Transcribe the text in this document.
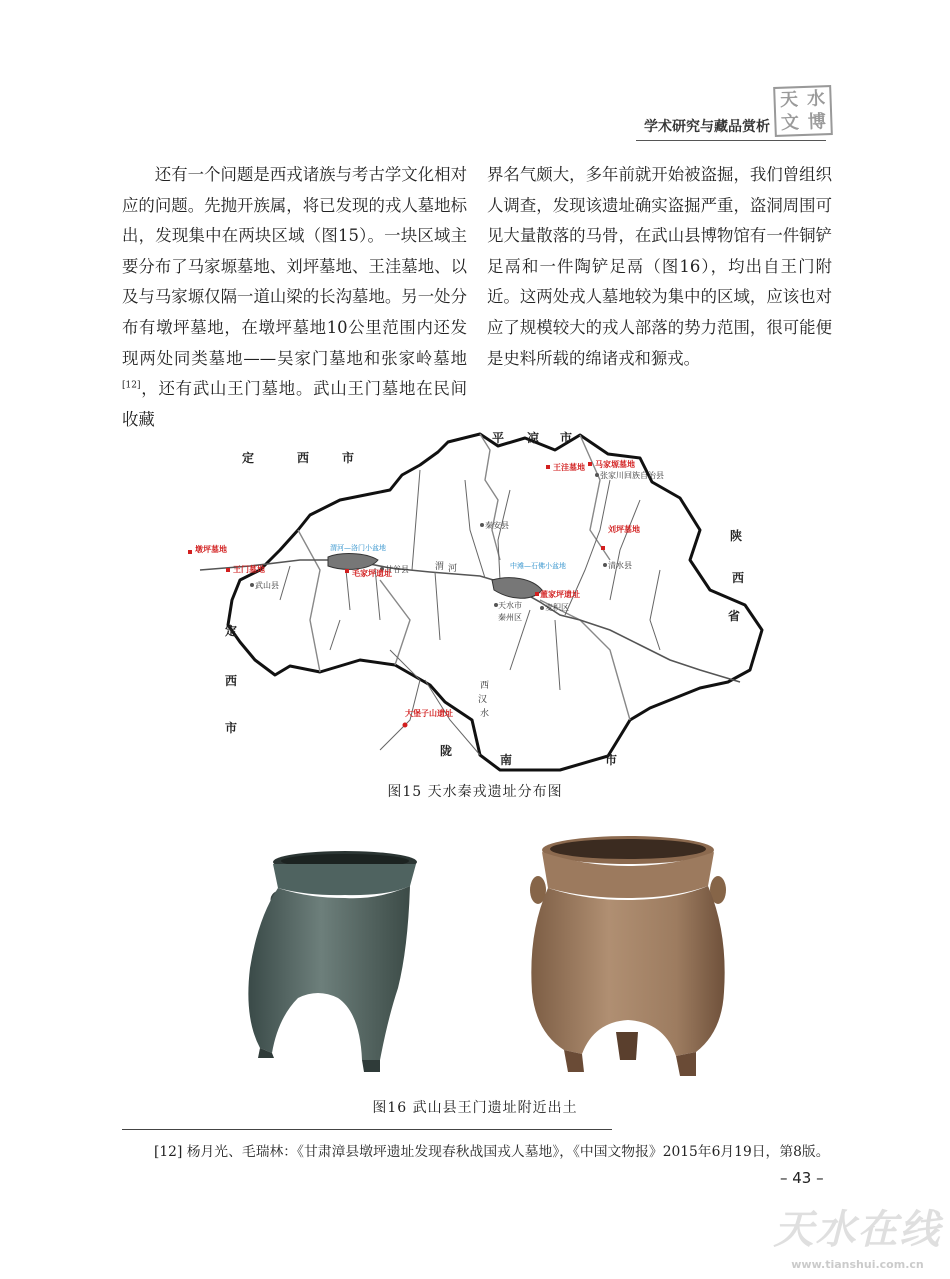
学术研究与藏品赏析
天 水
文 博

还有一个问题是西戎诸族与考古学文化相对应的问题。先抛开族属，将已发现的戎人墓地标出，发现集中在两块区域（图15）。一块区域主要分布了马家塬墓地、刘坪墓地、王洼墓地、以及与马家塬仅隔一道山梁的长沟墓地。另一处分布有墩坪墓地，在墩坪墓地10公里范围内还发现两处同类墓地——吴家门墓地和张家岭墓地[12]，还有武山王门墓地。武山王门墓地在民间收藏

界名气颇大，多年前就开始被盗掘，我们曾组织人调查，发现该遗址确实盗掘严重，盗洞周围可见大量散落的马骨，在武山县博物馆有一件铜铲足鬲和一件陶铲足鬲（图16），均出自王门附近。这两处戎人墓地较为集中的区域，应该也对应了规模较大的戎人部落的势力范围，很可能便是史料所载的绵诸戎和獂戎。

定	西	市
平 凉 市
陕
西
省
定
西
市
陇
南	市
渭 河
西
汉
水
渭河—洛门小盆地
中滩—石佛小盆地
武山县
甘谷县
秦安县
张家川回族自治县
清水县
天水市
秦州区
麦积区
墩坪墓地
王门墓地	毛家坪遗址
董家坪遗址
王洼墓地 马家塬墓地
刘坪墓地
大堡子山遗址
图15 天水秦戎遗址分布图
图16 武山县王门遗址附近出土
[12] 杨月光、毛瑞林：《甘肃漳县墩坪遗址发现春秋战国戎人墓地》，《中国文物报》2015年6月19日，第8版。
– 43 –
天水在线
www.tianshui.com.cn
